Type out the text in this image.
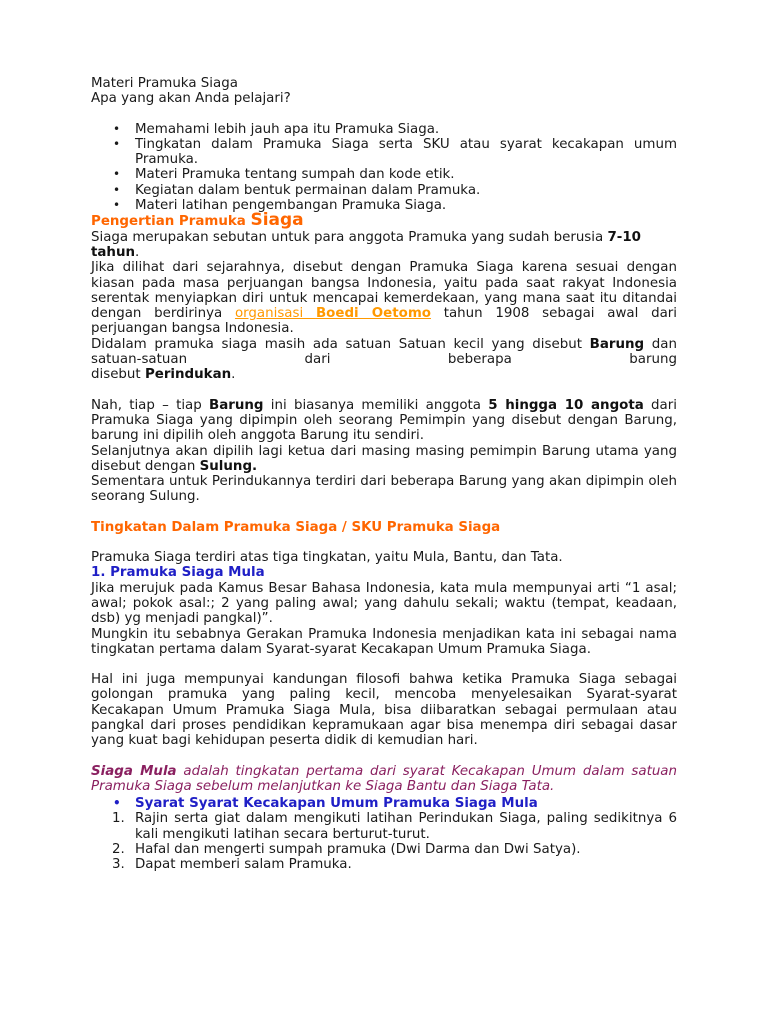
Materi Pramuka Siaga

Apa yang akan Anda pelajari?

• Memahami lebih jauh apa itu Pramuka Siaga.
• Tingkatan dalam Pramuka Siaga serta SKU atau syarat kecakapan umum Pramuka.
• Materi Pramuka tentang sumpah dan kode etik.
• Kegiatan dalam bentuk permainan dalam Pramuka.
• Materi latihan pengembangan Pramuka Siaga.

Pengertian Pramuka Siaga

Siaga merupakan sebutan untuk para anggota Pramuka yang sudah berusia 7-10 tahun.

Jika dilihat dari sejarahnya, disebut dengan Pramuka Siaga karena sesuai dengan kiasan pada masa perjuangan bangsa Indonesia, yaitu pada saat rakyat Indonesia serentak menyiapkan diri untuk mencapai kemerdekaan, yang mana saat itu ditandai dengan berdirinya organisasi Boedi Oetomo tahun 1908 sebagai awal dari perjuangan bangsa Indonesia.

Didalam pramuka siaga masih ada satuan Satuan kecil yang disebut Barung dan satuan-satuan dari beberapa barung

disebut Perindukan.

Nah, tiap – tiap Barung ini biasanya memiliki anggota 5 hingga 10 angota dari Pramuka Siaga yang dipimpin oleh seorang Pemimpin yang disebut dengan Barung, barung ini dipilih oleh anggota Barung itu sendiri.

Selanjutnya akan dipilih lagi ketua dari masing masing pemimpin Barung utama yang disebut dengan Sulung.

Sementara untuk Perindukannya terdiri dari beberapa Barung yang akan dipimpin oleh seorang Sulung.

Tingkatan Dalam Pramuka Siaga / SKU Pramuka Siaga

Pramuka Siaga terdiri atas tiga tingkatan, yaitu Mula, Bantu, dan Tata.

1. Pramuka Siaga Mula

Jika merujuk pada Kamus Besar Bahasa Indonesia, kata mula mempunyai arti “1 asal; awal; pokok asal:; 2 yang paling awal; yang dahulu sekali; waktu (tempat, keadaan, dsb) yg menjadi pangkal)”.

Mungkin itu sebabnya Gerakan Pramuka Indonesia menjadikan kata ini sebagai nama tingkatan pertama dalam Syarat-syarat Kecakapan Umum Pramuka Siaga.

Hal ini juga mempunyai kandungan filosofi bahwa ketika Pramuka Siaga sebagai golongan pramuka yang paling kecil, mencoba menyelesaikan Syarat-syarat Kecakapan Umum Pramuka Siaga Mula, bisa diibaratkan sebagai permulaan atau pangkal dari proses pendidikan kepramukaan agar bisa menempa diri sebagai dasar yang kuat bagi kehidupan peserta didik di kemudian hari.

Siaga Mula adalah tingkatan pertama dari syarat Kecakapan Umum dalam satuan Pramuka Siaga sebelum melanjutkan ke Siaga Bantu dan Siaga Tata.

• Syarat Syarat Kecakapan Umum Pramuka Siaga Mula
1. Rajin serta giat dalam mengikuti latihan Perindukan Siaga, paling sedikitnya 6 kali mengikuti latihan secara berturut-turut.
2. Hafal dan mengerti sumpah pramuka (Dwi Darma dan Dwi Satya).
3. Dapat memberi salam Pramuka.
